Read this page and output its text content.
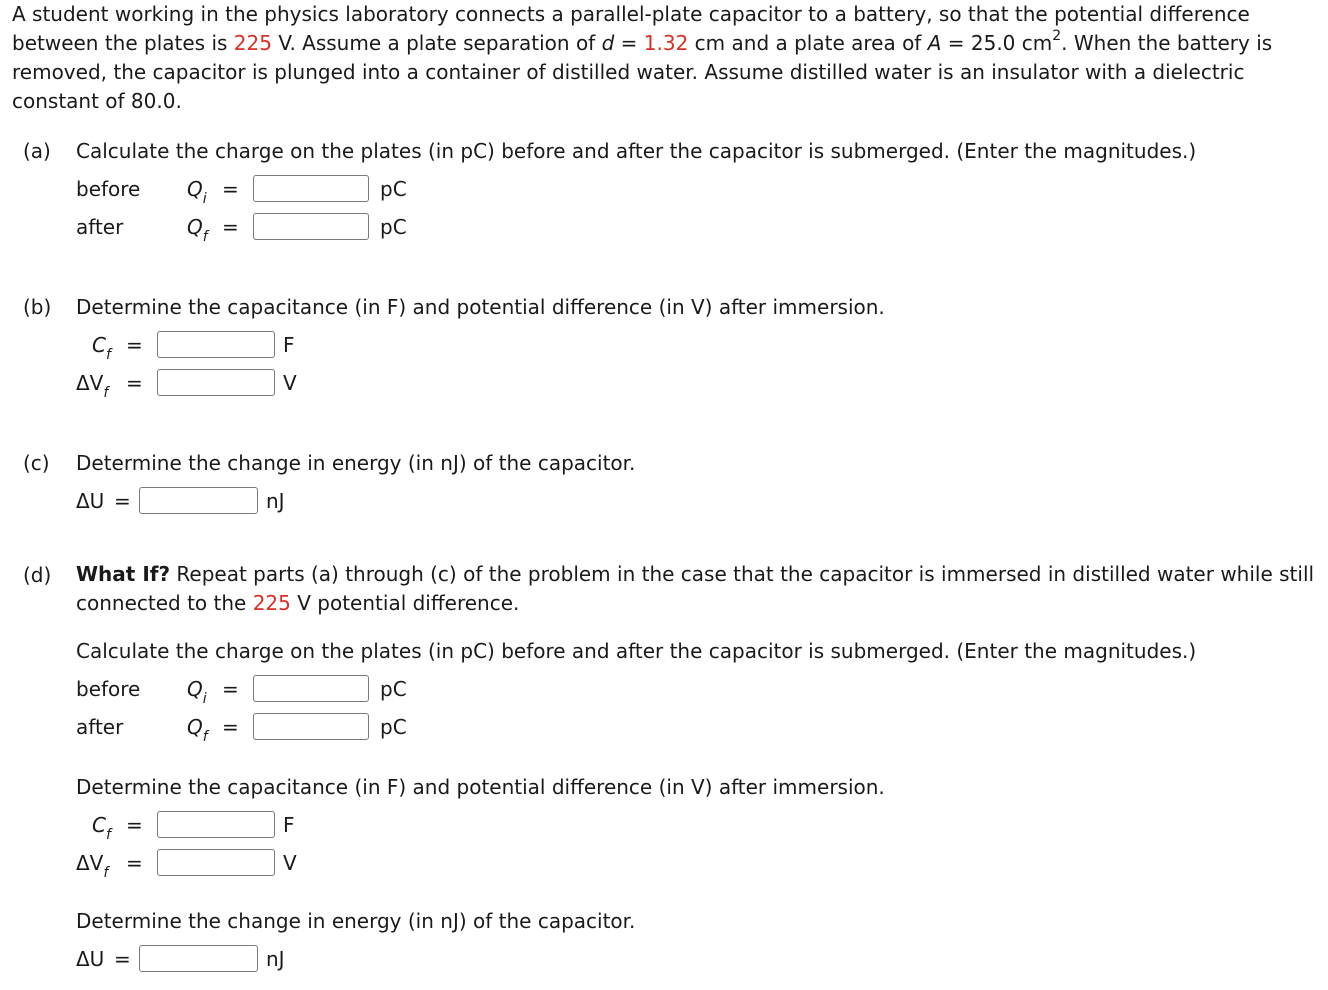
A student working in the physics laboratory connects a parallel-plate capacitor to a battery, so that the potential difference between the plates is 225 V. Assume a plate separation of d = 1.32 cm and a plate area of A = 25.0 $cm^2$. When the battery is removed, the capacitor is plunged into a container of distilled water. Assume distilled water is an insulator with a dielectric constant of 80.0.
(a) Calculate the charge on the plates (in pC) before and after the capacitor is submerged. (Enter the magnitudes.)
before $Q_i$ =	pC
after	$Q_f$ =	pC
(b) Determine the capacitance (in F) and potential difference (in V) after immersion.
$C_f$ =	F
$\Delta V_f$ =	V
(c) Determine the change in energy (in nJ) of the capacitor.
ΔU =	nJ
(d) What If? Repeat parts (a) through (c) of the problem in the case that the capacitor is immersed in distilled water while still connected to the 225 V potential difference.
Calculate the charge on the plates (in pC) before and after the capacitor is submerged. (Enter the magnitudes.)
before $Q_i$ =	pC
after	$Q_f$ =	pC
Determine the capacitance (in F) and potential difference (in V) after immersion.
$C_f$ =	F
$\Delta V_f$ =	V
Determine the change in energy (in nJ) of the capacitor.
ΔU =	nJ
